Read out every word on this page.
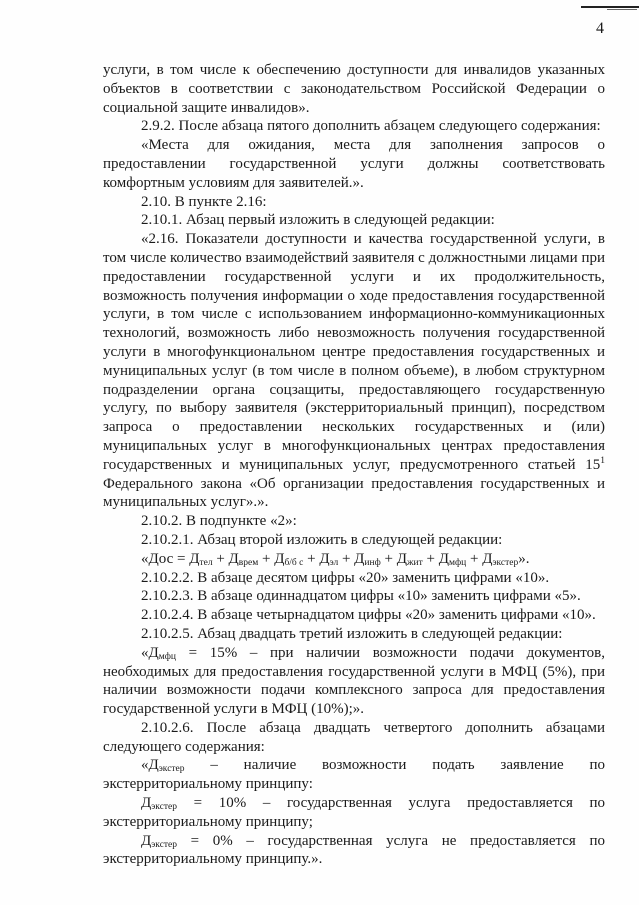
4

услуги, в том числе к обеспечению доступности для инвалидов указанных объектов в соответствии с законодательством Российской Федерации о социальной защите инвалидов».

2.9.2. После абзаца пятого дополнить абзацем следующего содержания:

«Места для ожидания, места для заполнения запросов о предоставлении государственной услуги должны соответствовать комфортным условиям для заявителей.».

2.10. В пункте 2.16:

2.10.1. Абзац первый изложить в следующей редакции:

«2.16. Показатели доступности и качества государственной услуги, в том числе количество взаимодействий заявителя с должностными лицами при предоставлении государственной услуги и их продолжительность, возможность получения информации о ходе предоставления государственной услуги, в том числе с использованием информационно-коммуникационных технологий, возможность либо невозможность получения государственной услуги в многофункциональном центре предоставления государственных и муниципальных услуг (в том числе в полном объеме), в любом структурном подразделении органа соцзащиты, предоставляющего государственную услугу, по выбору заявителя (экстерриториальный принцип), посредством запроса о предоставлении нескольких государственных и (или) муниципальных услуг в многофункциональных центрах предоставления государственных и муниципальных услуг, предусмотренного статьей $15^1$ Федерального закона «Об организации предоставления государственных и муниципальных услуг».».

2.10.2. В подпункте «2»:

2.10.2.1. Абзац второй изложить в следующей редакции:

«Дос = $Д_{тел} + Д_{врем} + Д_{б/б с} + Д_{эл} + Д_{инф} + Д_{жит} + Д_{мфц} + Д_{экстер}$».

2.10.2.2. В абзаце десятом цифры «20» заменить цифрами «10».

2.10.2.3. В абзаце одиннадцатом цифры «10» заменить цифрами «5».

2.10.2.4. В абзаце четырнадцатом цифры «20» заменить цифрами «10».

2.10.2.5. Абзац двадцать третий изложить в следующей редакции:

«$Д_{мфц} = 15\%$ – при наличии возможности подачи документов, необходимых для предоставления государственной услуги в МФЦ (5%), при наличии возможности подачи комплексного запроса для предоставления государственной услуги в МФЦ (10%);».

2.10.2.6. После абзаца двадцать четвертого дополнить абзацами следующего содержания:

«$Д_{экстер}$ – наличие возможности подать заявление по экстерриториальному принципу:

$Д_{экстер} = 10\%$ – государственная услуга предоставляется по экстерриториальному принципу;

$Д_{экстер} = 0\%$ – государственная услуга не предоставляется по экстерриториальному принципу.».
